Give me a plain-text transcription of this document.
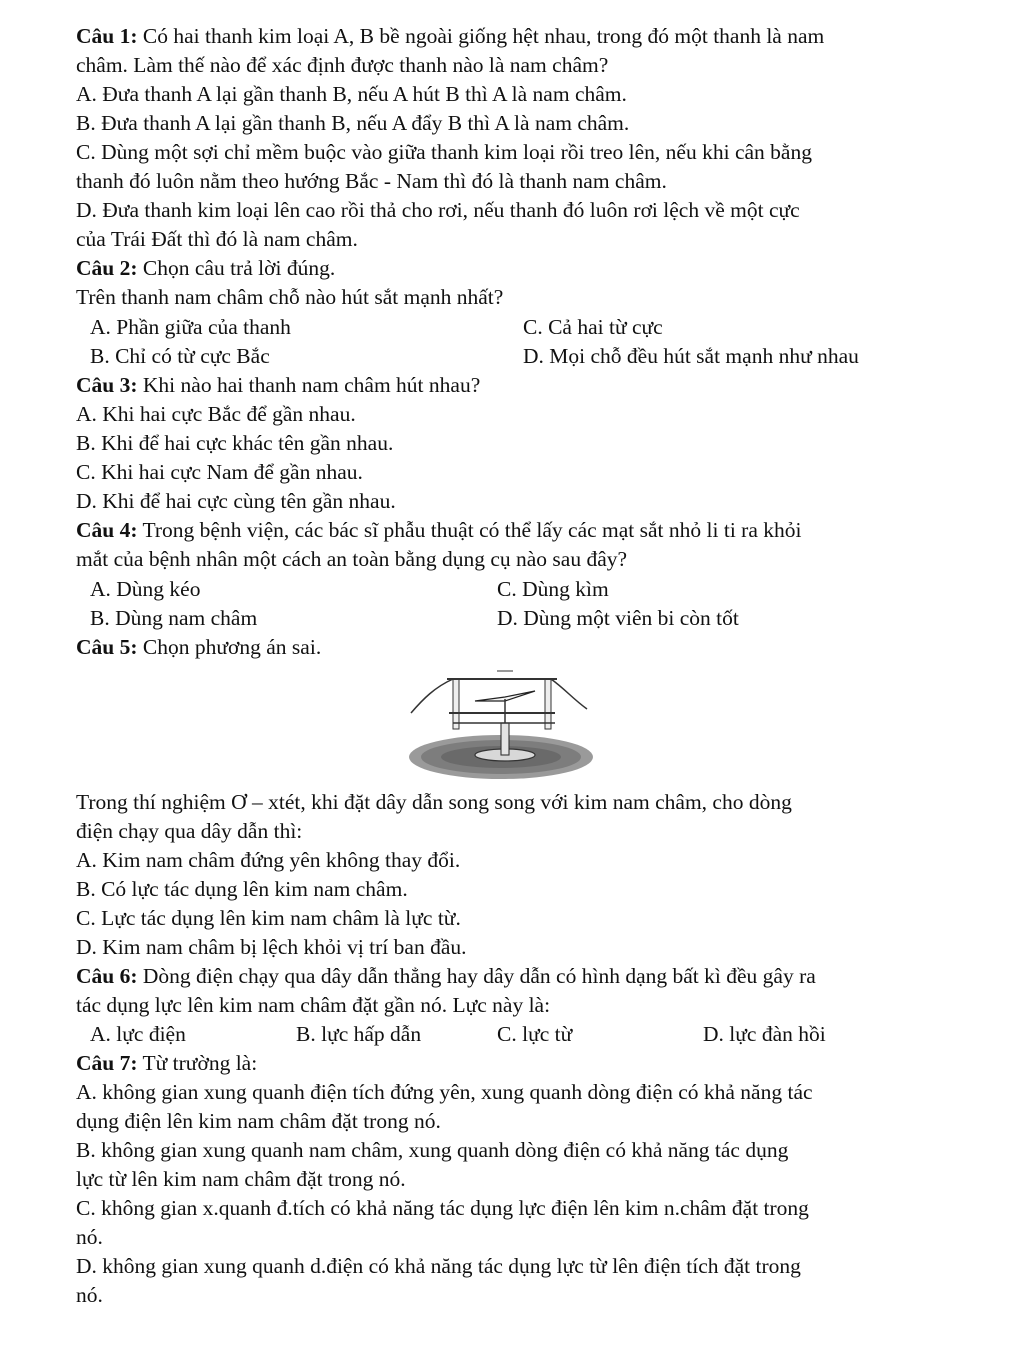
Câu 1: Có hai thanh kim loại A, B bề ngoài giống hệt nhau, trong đó một thanh là nam
châm. Làm thế nào để xác định được thanh nào là nam châm?
A. Đưa thanh A lại gần thanh B, nếu A hút B thì A là nam châm.
B. Đưa thanh A lại gần thanh B, nếu A đẩy B thì A là nam châm.
C. Dùng một sợi chỉ mềm buộc vào giữa thanh kim loại rồi treo lên, nếu khi cân bằng
thanh đó luôn nằm theo hướng Bắc - Nam thì đó là thanh nam châm.
D. Đưa thanh kim loại lên cao rồi thả cho rơi, nếu thanh đó luôn rơi lệch về một cực
của Trái Đất thì đó là nam châm.
Câu 2: Chọn câu trả lời đúng.
Trên thanh nam châm chỗ nào hút sắt mạnh nhất?
A. Phần giữa của thanh	C. Cả hai từ cực
B. Chỉ có từ cực Bắc	D. Mọi chỗ đều hút sắt mạnh như nhau
Câu 3: Khi nào hai thanh nam châm hút nhau?
A. Khi hai cực Bắc để gần nhau.
B. Khi để hai cực khác tên gần nhau.
C. Khi hai cực Nam để gần nhau.
D. Khi để hai cực cùng tên gần nhau.
Câu 4: Trong bệnh viện, các bác sĩ phẫu thuật có thể lấy các mạt sắt nhỏ li ti ra khỏi
mắt của bệnh nhân một cách an toàn bằng dụng cụ nào sau đây?
A. Dùng kéo	C. Dùng kìm
B. Dùng nam châm	D. Dùng một viên bi còn tốt
Câu 5: Chọn phương án sai.
Trong thí nghiệm Ơ – xtét, khi đặt dây dẫn song song với kim nam châm, cho dòng
điện chạy qua dây dẫn thì:
A. Kim nam châm đứng yên không thay đổi.
B. Có lực tác dụng lên kim nam châm.
C. Lực tác dụng lên kim nam châm là lực từ.
D. Kim nam châm bị lệch khỏi vị trí ban đầu.
Câu 6: Dòng điện chạy qua dây dẫn thẳng hay dây dẫn có hình dạng bất kì đều gây ra
tác dụng lực lên kim nam châm đặt gần nó. Lực này là:
A. lực điện	B. lực hấp dẫn	C. lực từ	D. lực đàn hồi
Câu 7: Từ trường là:
A. không gian xung quanh điện tích đứng yên, xung quanh dòng điện có khả năng tác
dụng điện lên kim nam châm đặt trong nó.
B. không gian xung quanh nam châm, xung quanh dòng điện có khả năng tác dụng
lực từ lên kim nam châm đặt trong nó.
C. không gian x.quanh đ.tích có khả năng tác dụng lực điện lên kim n.châm đặt trong
nó.
D. không gian xung quanh d.điện có khả năng tác dụng lực từ lên điện tích đặt trong
nó.
